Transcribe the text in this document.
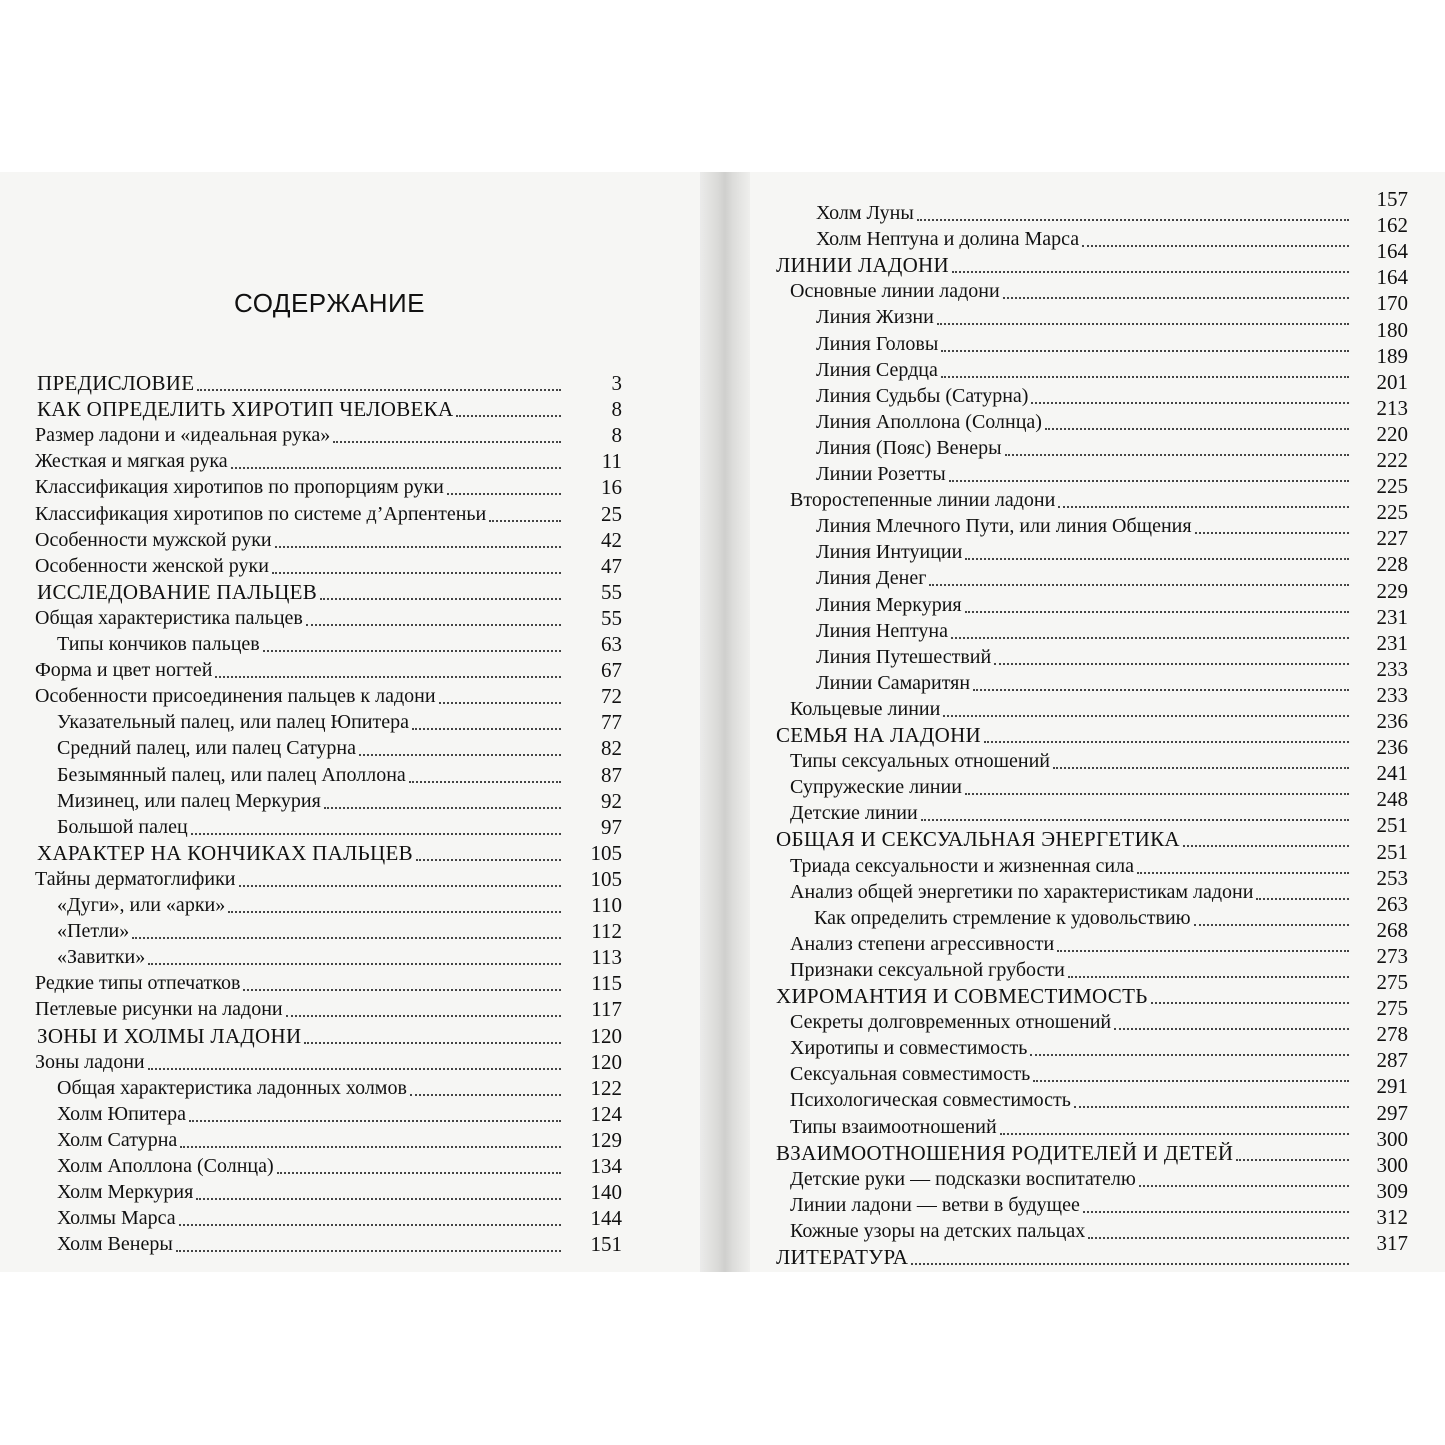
СОДЕРЖАНИЕ
ПРЕДИСЛОВИЕ
КАК ОПРЕДЕЛИТЬ ХИРОТИП ЧЕЛОВЕКА
Размер ладони и «идеальная рука»
Жесткая и мягкая рука
Классификация хиротипов по пропорциям руки
Классификация хиротипов по системе д’Арпентеньи
Особенности мужской руки
Особенности женской руки
ИССЛЕДОВАНИЕ ПАЛЬЦЕВ
Общая характеристика пальцев
Типы кончиков пальцев
Форма и цвет ногтей
Особенности присоединения пальцев к ладони
Указательный палец, или палец Юпитера
Средний палец, или палец Сатурна
Безымянный палец, или палец Аполлона
Мизинец, или палец Меркурия
Большой палец
ХАРАКТЕР НА КОНЧИКАХ ПАЛЬЦЕВ
Тайны дерматоглифики
«Дуги», или «арки»
«Петли»
«Завитки»
Редкие типы отпечатков
Петлевые рисунки на ладони
ЗОНЫ И ХОЛМЫ ЛАДОНИ
Зоны ладони
Общая характеристика ладонных холмов
Холм Юпитера
Холм Сатурна
Холм Аполлона (Солнца)
Холм Меркурия
Холмы Марса
Холм Венеры
3
8
8
11
16
25
42
47
55
55
63
67
72
77
82
87
92
97
105
105
110
112
113
115
117
120
120
122
124
129
134
140
144
151
Холм Луны
Холм Нептуна и долина Марса
ЛИНИИ ЛАДОНИ
Основные линии ладони
Линия Жизни
Линия Головы
Линия Сердца
Линия Судьбы (Сатурна)
Линия Аполлона (Солнца)
Линия (Пояс) Венеры
Линии Розетты
Второстепенные линии ладони
Линия Млечного Пути, или линия Общения
Линия Интуиции
Линия Денег
Линия Меркурия
Линия Нептуна
Линия Путешествий
Линии Самаритян
Кольцевые линии
СЕМЬЯ НА ЛАДОНИ
Типы сексуальных отношений
Супружеские линии
Детские линии
ОБЩАЯ И СЕКСУАЛЬНАЯ ЭНЕРГЕТИКА
Триада сексуальности и жизненная сила
Анализ общей энергетики по характеристикам ладони
Как определить стремление к удовольствию
Анализ степени агрессивности
Признаки сексуальной грубости
ХИРОМАНТИЯ И СОВМЕСТИМОСТЬ
Секреты долговременных отношений
Хиротипы и совместимость
Сексуальная совместимость
Психологическая совместимость
Типы взаимоотношений
ВЗАИМООТНОШЕНИЯ РОДИТЕЛЕЙ И ДЕТЕЙ
Детские руки — подсказки воспитателю
Линии ладони — ветви в будущее
Кожные узоры на детских пальцах
ЛИТЕРАТУРА
157
162
164
164
170
180
189
201
213
220
222
225
225
227
228
229
231
231
233
233
236
236
241
248
251
251
253
263
268
273
275
275
278
287
291
297
300
300
309
312
317
